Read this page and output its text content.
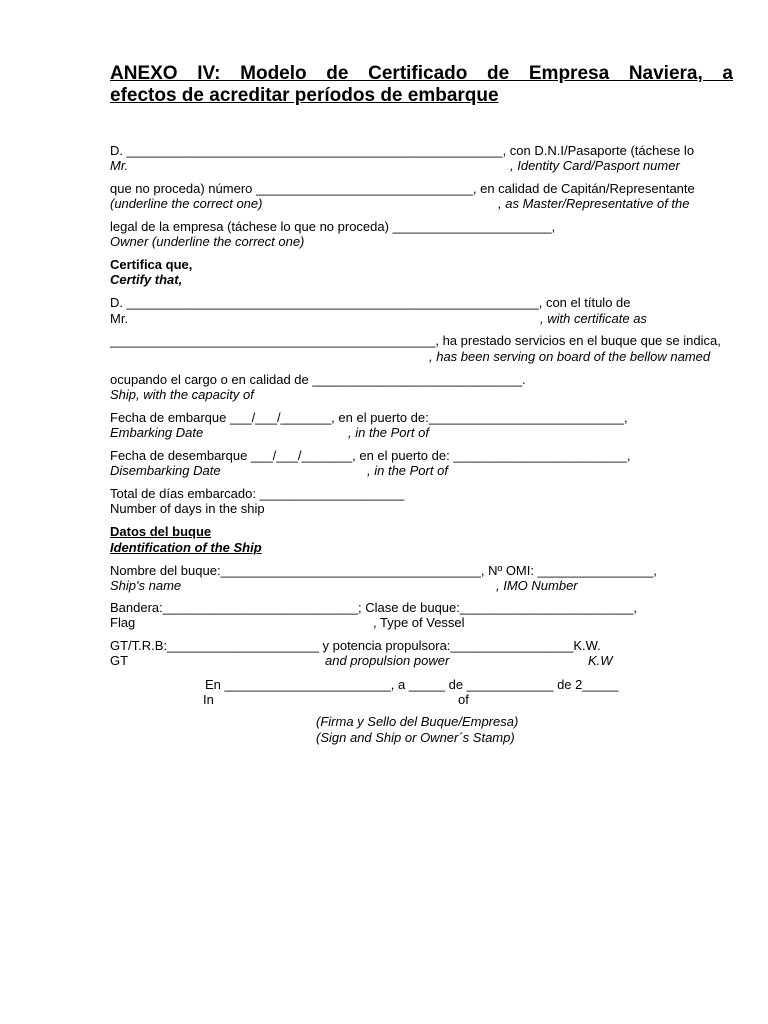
ANEXO IV: Modelo de Certificado de Empresa Naviera, a
efectos de acreditar períodos de embarque
D. ____________________________________________________, con D.N.I/Pasaporte (táchese lo
Mr.	, Identity Card/Pasport numer
que no proceda) número ______________________________, en calidad de Capitán/Representante
(underline the correct one)	, as Master/Representative of the
legal de la empresa (táchese lo que no proceda) ______________________,
Owner (underline the correct one)
Certifica que,
Certify that,
D. _________________________________________________________, con el título de
Mr.	, with certificate as
_____________________________________________, ha prestado servicios en el buque que se indica,
, has been serving on board of the bellow named
ocupando el cargo o en calidad de _____________________________.
Ship, with the capacity of
Fecha de embarque ___/___/_______, en el puerto de:___________________________,
Embarking Date	, in the Port of
Fecha de desembarque ___/___/_______, en el puerto de: ________________________,
Disembarking Date	, in the Port of
Total de días embarcado: ____________________
Number of days in the ship
Datos del buque
Identification of the Ship
Nombre del buque:____________________________________, Nº OMI: ________________,
Ship's name	, IMO Number
Bandera:___________________________; Clase de buque:________________________,
Flag	, Type of Vessel
GT/T.R.B:_____________________ y potencia propulsora:_________________K.W.
GT	and propulsion power	K.W
En _______________________, a _____ de ____________ de 2_____
In	of
(Firma y Sello del Buque/Empresa)
(Sign and Ship or Owner´s Stamp)
